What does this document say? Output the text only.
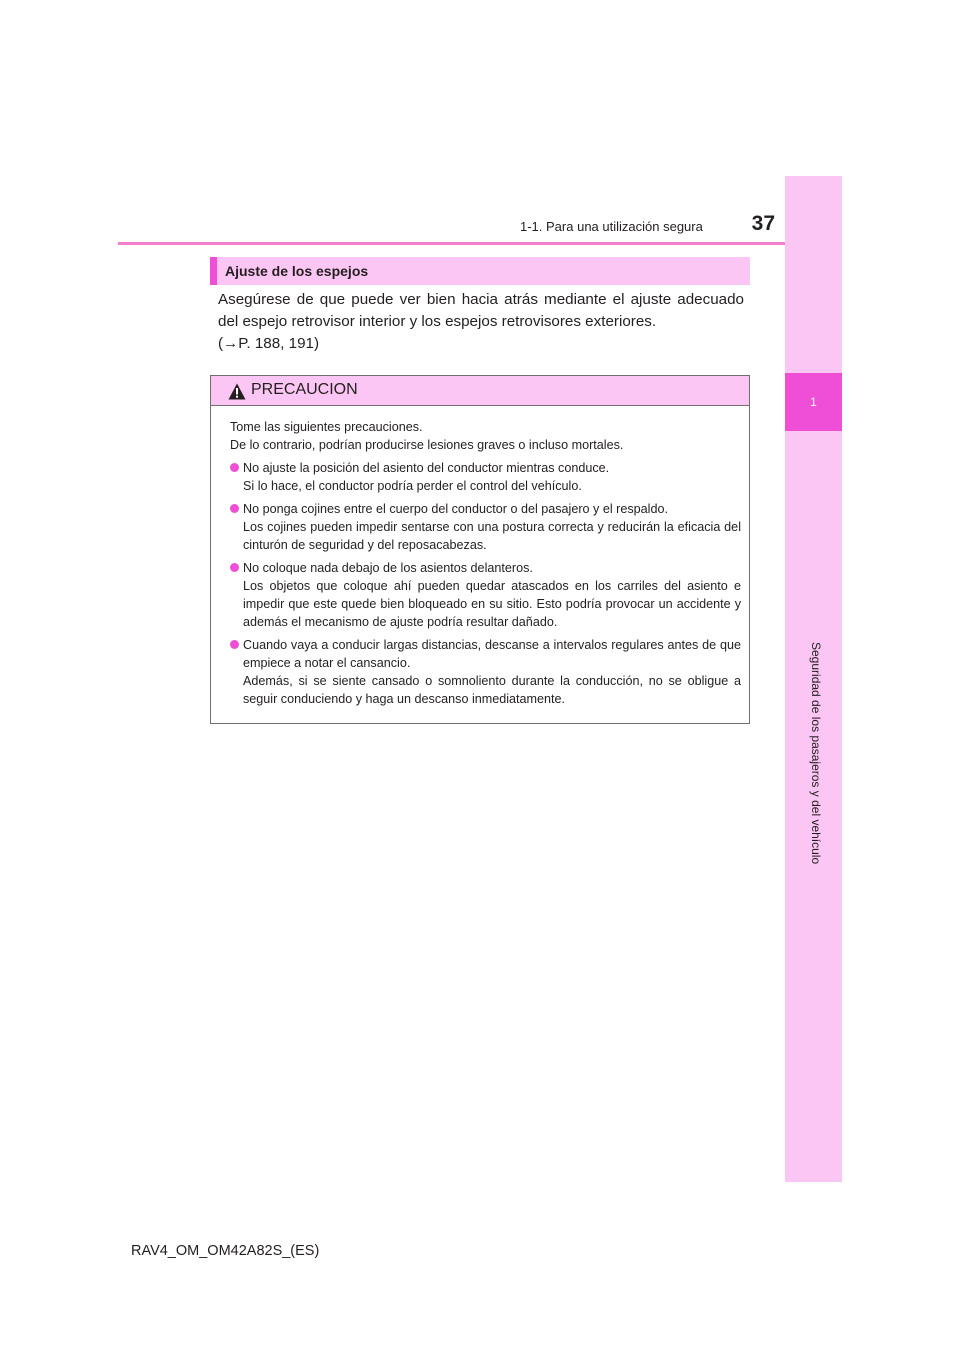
1-1. Para una utilización segura	37
1
Seguridad de los pasajeros y del vehículo
Ajuste de los espejos

Asegúrese de que puede ver bien hacia atrás mediante el ajuste adecuado del espejo retrovisor interior y los espejos retrovisores exteriores.

(→P. 188, 191)

PRECAUCION

Tome las siguientes precauciones.

De lo contrario, podrían producirse lesiones graves o incluso mortales.

No ajuste la posición del asiento del conductor mientras conduce.

Si lo hace, el conductor podría perder el control del vehículo.

No ponga cojines entre el cuerpo del conductor o del pasajero y el respaldo.

Los cojines pueden impedir sentarse con una postura correcta y reducirán la eficacia del cinturón de seguridad y del reposacabezas.

No coloque nada debajo de los asientos delanteros.

Los objetos que coloque ahí pueden quedar atascados en los carriles del asiento e impedir que este quede bien bloqueado en su sitio. Esto podría provocar un accidente y además el mecanismo de ajuste podría resultar dañado.

Cuando vaya a conducir largas distancias, descanse a intervalos regulares antes de que empiece a notar el cansancio.

Además, si se siente cansado o somnoliento durante la conducción, no se obligue a seguir conduciendo y haga un descanso inmediatamente.

RAV4_OM_OM42A82S_(ES)
